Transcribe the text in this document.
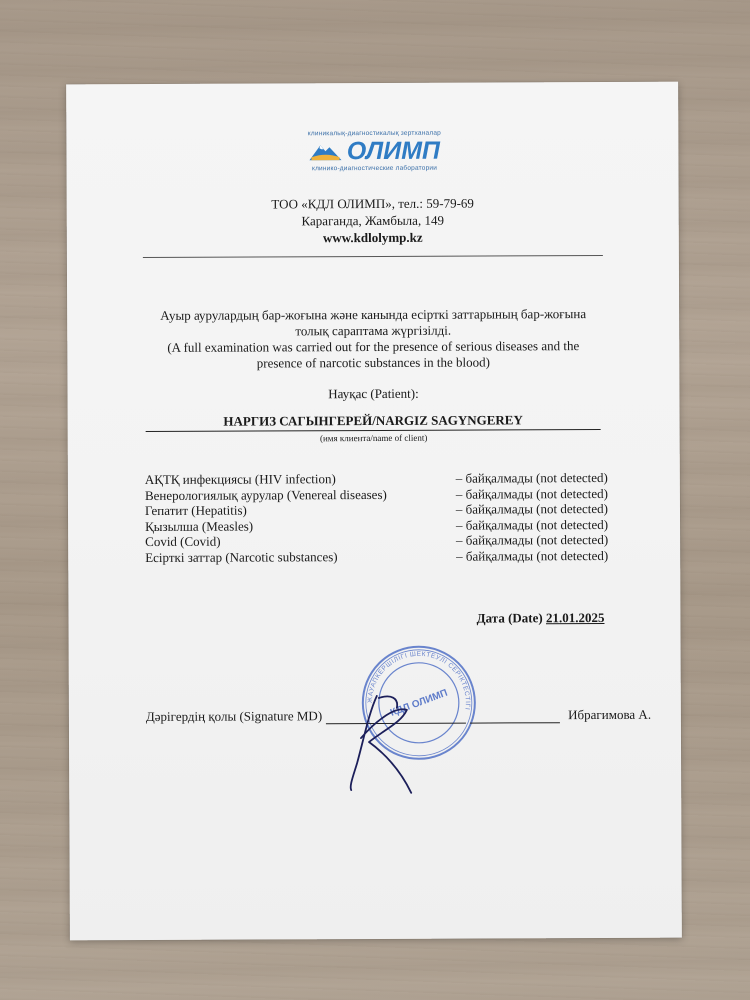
клиникалық-диагностикалық зертханалар
ОЛИМП
клинико-диагностические лаборатории
ТОО «КДЛ ОЛИМП», тел.: 59-79-69
Караганда, Жамбыла, 149
www.kdlolymp.kz
Ауыр аурулардың бар-жоғына және канында есірткі заттарының бар-жоғына
толық сараптама жүргізілді.
(A full examination was carried out for the presence of serious diseases and the
presence of narcotic substances in the blood)
Науқас (Patient):
НАРГИЗ САГЫНГЕРЕЙ/NARGIZ SAGYNGEREY
(имя клиента/name of client)
АҚТҚ инфекциясы (HIV infection)	– байқалмады (not detected)
Венерологиялық аурулар (Venereal diseases)	– байқалмады (not detected)
Гепатит (Hepatitis)	– байқалмады (not detected)
Қызылша (Measles)	– байқалмады (not detected)
Covid (Covid)	– байқалмады (not detected)
Есірткі заттар (Narcotic substances)	– байқалмады (not detected)
Дата (Date) 21.01.2025
ЖАУАПКЕРШІЛІГІ ШЕКТЕУЛІ СЕРІКТЕСТІГІ
КДЛ ОЛИМП
Дәрігердің қолы (Signature MD)	Ибрагимова А.
